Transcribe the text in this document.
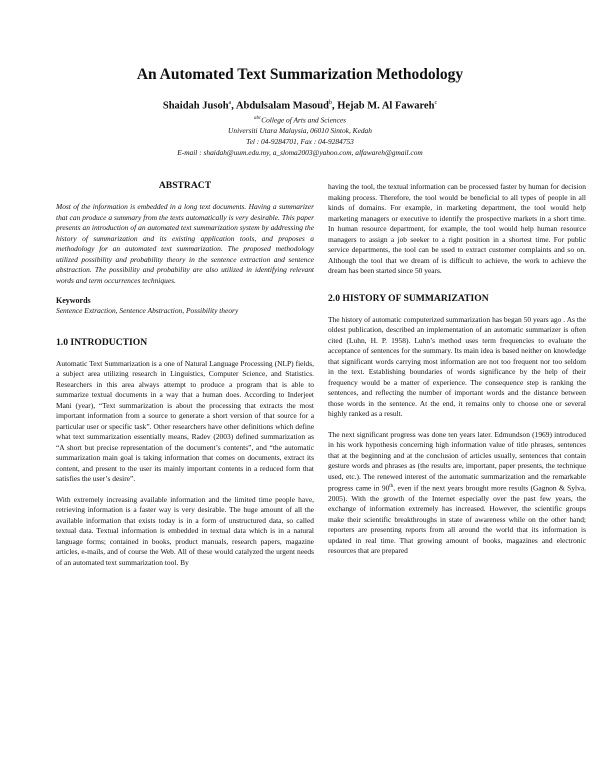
An Automated Text Summarization Methodology
Shaidah Jusoh$^a$, Abdulsalam Masoud$^b$, Hejab M. Al Fawareh$^c$
$^{abc}$College of Arts and Sciences
Universiti Utara Malaysia, 06010 Sintok, Kedah
Tel : 04-9284701, Fax : 04-9284753
E-mail : shaidah@uum.edu.my, a_sloma2003@yahoo.com, alfawareh@gmail.com
ABSTRACT

Most of the information is embedded in a long text documents. Having a summarizer that can produce a summary from the texts automatically is very desirable. This paper presents an introduction of an automated text summarization system by addressing the history of summarization and its existing application tools, and proposes a methodology for an automated text summarization. The proposed methodology utilized possibility and probability theory in the sentence extraction and sentence abstraction. The possibility and probability are also utilized in identifying relevant words and term occurrences techniques.

Keywords

Sentence Extraction, Sentence Abstraction, Possibility theory

1.0 INTRODUCTION

Automatic Text Summarization is a one of Natural Language Processing (NLP) fields, a subject area utilizing research in Linguistics, Computer Science, and Statistics. Researchers in this area always attempt to produce a program that is able to summarize textual documents in a way that a human does. According to Inderjeet Mani (year), “Text summarization is about the processing that extracts the most important information from a source to generate a short version of that source for a particular user or specific task”. Other researchers have other definitions which define what text summarization essentially means, Radev (2003) defined summarization as “A short but precise representation of the document’s contents”, and “the automatic summarization main goal is taking information that comes on documents, extract its content, and present to the user its mainly important contents in a reduced form that satisfies the user’s desire”.

With extremely increasing available information and the limited time people have, retrieving information is a faster way is very desirable. The huge amount of all the available information that exists today is in a form of unstructured data, so called textual data. Textual information is embedded in textual data which is in a natural language forms; contained in books, product manuals, research papers, magazine articles, e-mails, and of course the Web. All of these would catalyzed the urgent needs of an automated text summarization tool. By

having the tool, the textual information can be processed faster by human for decision making process. Therefore, the tool would be beneficial to all types of people in all kinds of domains. For example, in marketing department, the tool would help marketing managers or executive to identify the prospective markets in a short time. In human resource department, for example, the tool would help human resource managers to assign a job seeker to a right position in a shortest time. For public service departments, the tool can be used to extract customer complaints and so on. Although the tool that we dream of is difficult to achieve, the work to achieve the dream has been started since 50 years.

2.0 HISTORY OF SUMMARIZATION

The history of automatic computerized summarization has began 50 years ago . As the oldest publication, described an implementation of an automatic summarizer is often cited (Luhn, H. P. 1958). Luhn’s method uses term frequencies to evaluate the acceptance of sentences for the summary. Its main idea is based neither on knowledge that significant words carrying most information are not too frequent nor too seldom in the text. Establishing boundaries of words significance by the help of their frequency would be a matter of experience. The consequence step is ranking the sentences, and reflecting the number of important words and the distance between those words in the sentence. At the end, it remains only to choose one or several highly ranked as a result.

The next significant progress was done ten years later. Edmundson (1969) introduced in his work hypothesis concerning high information value of title phrases, sentences that at the beginning and at the conclusion of articles usually, sentences that contain gesture words and phrases as (the results are, important, paper presents, the technique used, etc.). The renewed interest of the automatic summarization and the remarkable progress came in 90th, even if the next years brought more results (Gagnon & Sylva, 2005). With the growth of the Internet especially over the past few years, the exchange of information extremely has increased. However, the scientific groups make their scientific breakthroughs in state of awareness while on the other hand; reporters are presenting reports from all around the world that its information is updated in real time. That growing amount of books, magazines and electronic resources that are prepared
